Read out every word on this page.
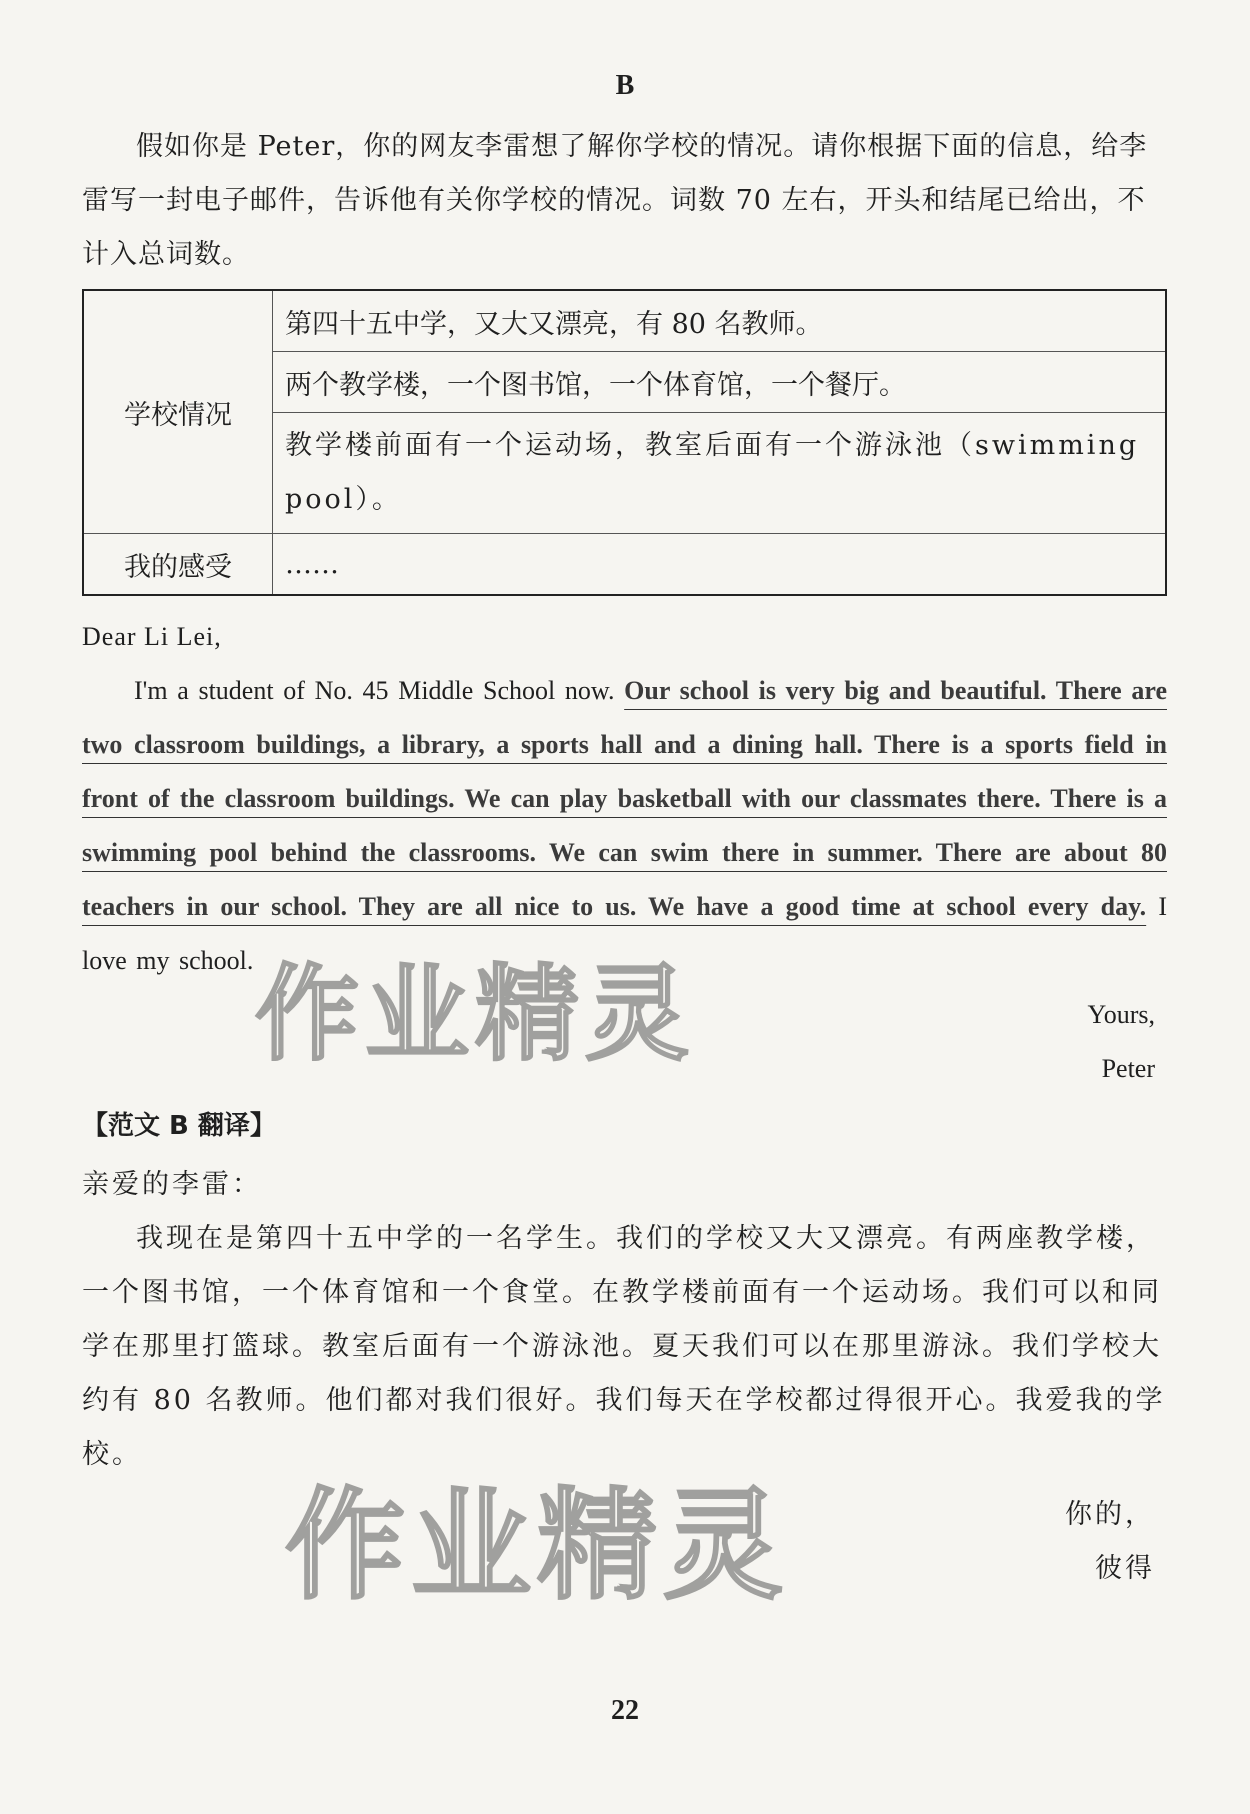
B
假如你是 Peter，你的网友李雷想了解你学校的情况。请你根据下面的信息，给李雷写一封电子邮件，告诉他有关你学校的情况。词数 70 左右，开头和结尾已给出，不计入总词数。
学校情况	第四十五中学，又大又漂亮，有 80 名教师。
	两个教学楼，一个图书馆，一个体育馆，一个餐厅。
	教学楼前面有一个运动场，教室后面有一个游泳池（swimming pool）。
我的感受	……
Dear Li Lei,
I'm a student of No. 45 Middle School now. Our school is very big and beautiful. There are two classroom buildings, a library, a sports hall and a dining hall. There is a sports field in front of the classroom buildings. We can play basketball with our classmates there. There is a swimming pool behind the classrooms. We can swim there in summer. There are about 80 teachers in our school. They are all nice to us. We have a good time at school every day. I love my school.
Yours,
Peter
【范文 B 翻译】
亲爱的李雷：
我现在是第四十五中学的一名学生。我们的学校又大又漂亮。有两座教学楼，一个图书馆，一个体育馆和一个食堂。在教学楼前面有一个运动场。我们可以和同学在那里打篮球。教室后面有一个游泳池。夏天我们可以在那里游泳。我们学校大约有 80 名教师。他们都对我们很好。我们每天在学校都过得很开心。我爱我的学校。
你的，
彼得
作业精灵
作业精灵
22
